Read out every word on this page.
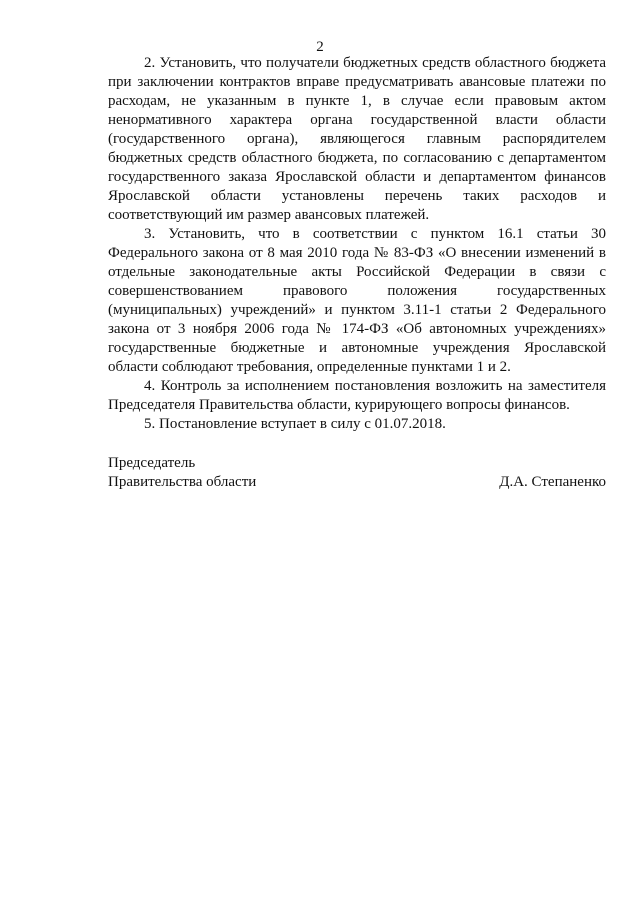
2

2. Установить, что получатели бюджетных средств областного бюджета при заключении контрактов вправе предусматривать авансовые платежи по расходам, не указанным в пункте 1, в случае если правовым актом ненормативного характера органа государственной власти области (государственного органа), являющегося главным распорядителем бюджетных средств областного бюджета, по согласованию с департаментом государственного заказа Ярославской области и департаментом финансов Ярославской области установлены перечень таких расходов и соответствующий им размер авансовых платежей.

3. Установить, что в соответствии с пунктом 16.1 статьи 30 Федерального закона от 8 мая 2010 года № 83-ФЗ «О внесении изменений в отдельные законодательные акты Российской Федерации в связи с совершенствованием правового положения государственных (муниципальных) учреждений» и пунктом 3.11-1 статьи 2 Федерального закона от 3 ноября 2006 года № 174-ФЗ «Об автономных учреждениях» государственные бюджетные и автономные учреждения Ярославской области соблюдают требования, определенные пунктами 1 и 2.

4. Контроль за исполнением постановления возложить на заместителя Председателя Правительства области, курирующего вопросы финансов.

5. Постановление вступает в силу с 01.07.2018.

Председатель
Правительства области	Д.А. Степаненко
